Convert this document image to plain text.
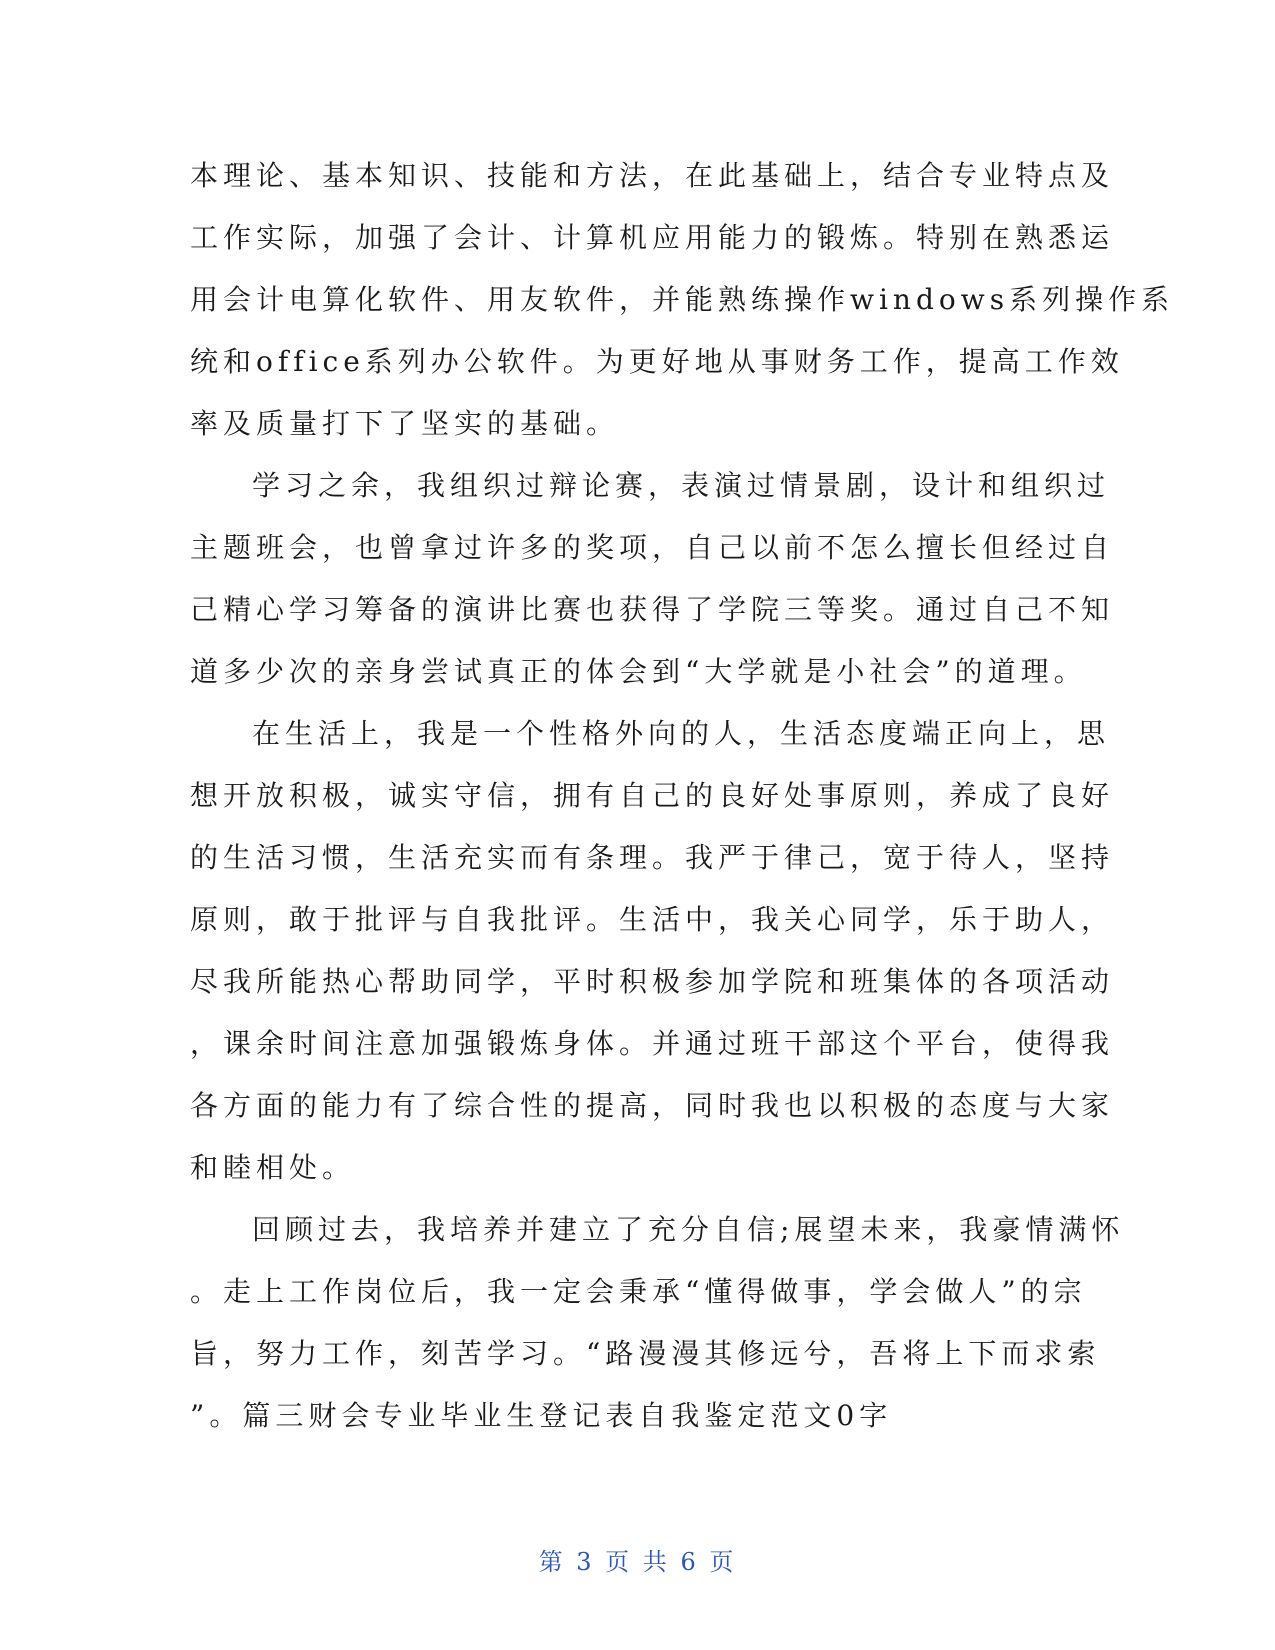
本理论、基本知识、技能和方法，在此基础上，结合专业特点及
工作实际，加强了会计、计算机应用能力的锻炼。特别在熟悉运
用会计电算化软件、用友软件，并能熟练操作windows系列操作系
统和office系列办公软件。为更好地从事财务工作，提高工作效
率及质量打下了坚实的基础。
学习之余，我组织过辩论赛，表演过情景剧，设计和组织过
主题班会，也曾拿过许多的奖项，自己以前不怎么擅长但经过自
己精心学习筹备的演讲比赛也获得了学院三等奖。通过自己不知
道多少次的亲身尝试真正的体会到“大学就是小社会”的道理。
在生活上，我是一个性格外向的人，生活态度端正向上，思
想开放积极，诚实守信，拥有自己的良好处事原则，养成了良好
的生活习惯，生活充实而有条理。我严于律己，宽于待人，坚持
原则，敢于批评与自我批评。生活中，我关心同学，乐于助人，
尽我所能热心帮助同学，平时积极参加学院和班集体的各项活动
，课余时间注意加强锻炼身体。并通过班干部这个平台，使得我
各方面的能力有了综合性的提高，同时我也以积极的态度与大家
和睦相处。
回顾过去，我培养并建立了充分自信;展望未来，我豪情满怀
。走上工作岗位后，我一定会秉承“懂得做事，学会做人”的宗
旨，努力工作，刻苦学习。“路漫漫其修远兮，吾将上下而求索
”。篇三财会专业毕业生登记表自我鉴定范文0字
第 3 页 共 6 页
